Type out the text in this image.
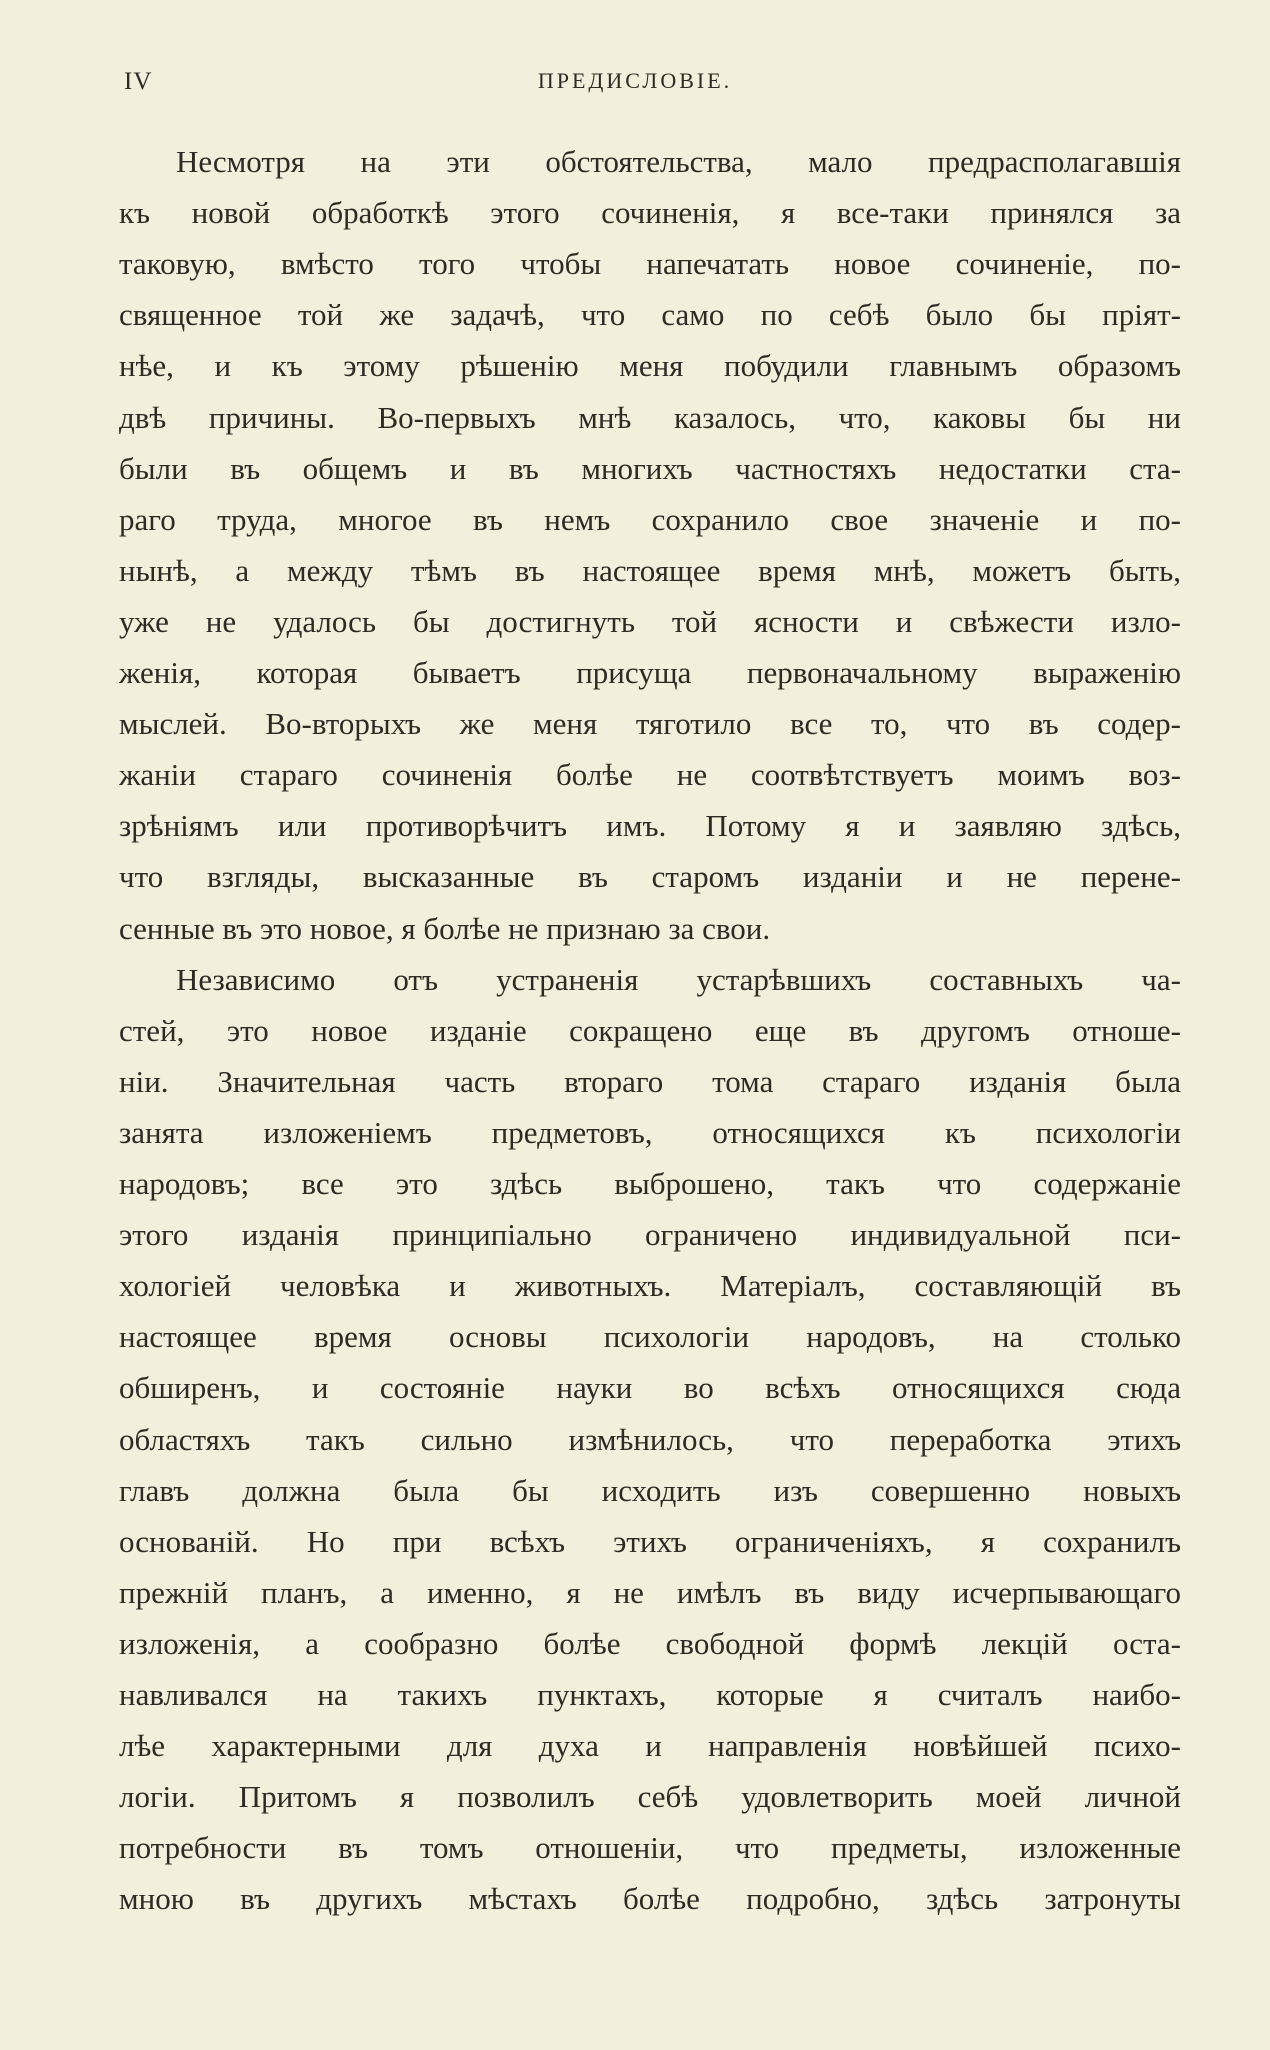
IV	ПРЕДИСЛОВІЕ.
Несмотря на эти обстоятельства, мало предрасполагавшія
къ новой обработкѣ этого сочиненія, я все-таки принялся за
таковую, вмѣсто того чтобы напечатать новое сочиненіе, по-
священное той же задачѣ, что само по себѣ было бы пріят-
нѣе, и къ этому рѣшенію меня побудили главнымъ образомъ
двѣ причины. Во-первыхъ мнѣ казалось, что, каковы бы ни
были въ общемъ и въ многихъ частностяхъ недостатки ста-
раго труда, многое въ немъ сохранило свое значеніе и по-
нынѣ, а между тѣмъ въ настоящее время мнѣ, можетъ быть,
уже не удалось бы достигнуть той ясности и свѣжести изло-
женія, которая бываетъ присуща первоначальному выраженію
мыслей. Во-вторыхъ же меня тяготило все то, что въ содер-
жаніи стараго сочиненія болѣе не соотвѣтствуетъ моимъ воз-
зрѣніямъ или противорѣчитъ имъ. Потому я и заявляю здѣсь,
что взгляды, высказанные въ старомъ изданіи и не перене-
сенные въ это новое, я болѣе не признаю за свои.
Независимо отъ устраненія устарѣвшихъ составныхъ ча-
стей, это новое изданіе сокращено еще въ другомъ отноше-
ніи. Значительная часть втораго тома стараго изданія была
занята изложеніемъ предметовъ, относящихся къ психологіи
народовъ; все это здѣсь выброшено, такъ что содержаніе
этого изданія принципіально ограничено индивидуальной пси-
хологіей человѣка и животныхъ. Матеріалъ, составляющій въ
настоящее время основы психологіи народовъ, на столько
обширенъ, и состояніе науки во всѣхъ относящихся сюда
областяхъ такъ сильно измѣнилось, что переработка этихъ
главъ должна была бы исходить изъ совершенно новыхъ
основаній. Но при всѣхъ этихъ ограниченіяхъ, я сохранилъ
прежній планъ, а именно, я не имѣлъ въ виду исчерпывающаго
изложенія, а сообразно болѣе свободной формѣ лекцій оста-
навливался на такихъ пунктахъ, которые я считалъ наибо-
лѣе характерными для духа и направленія новѣйшей психо-
логіи. Притомъ я позволилъ себѣ удовлетворить моей личной
потребности въ томъ отношеніи, что предметы, изложенные
мною въ другихъ мѣстахъ болѣе подробно, здѣсь затронуты
